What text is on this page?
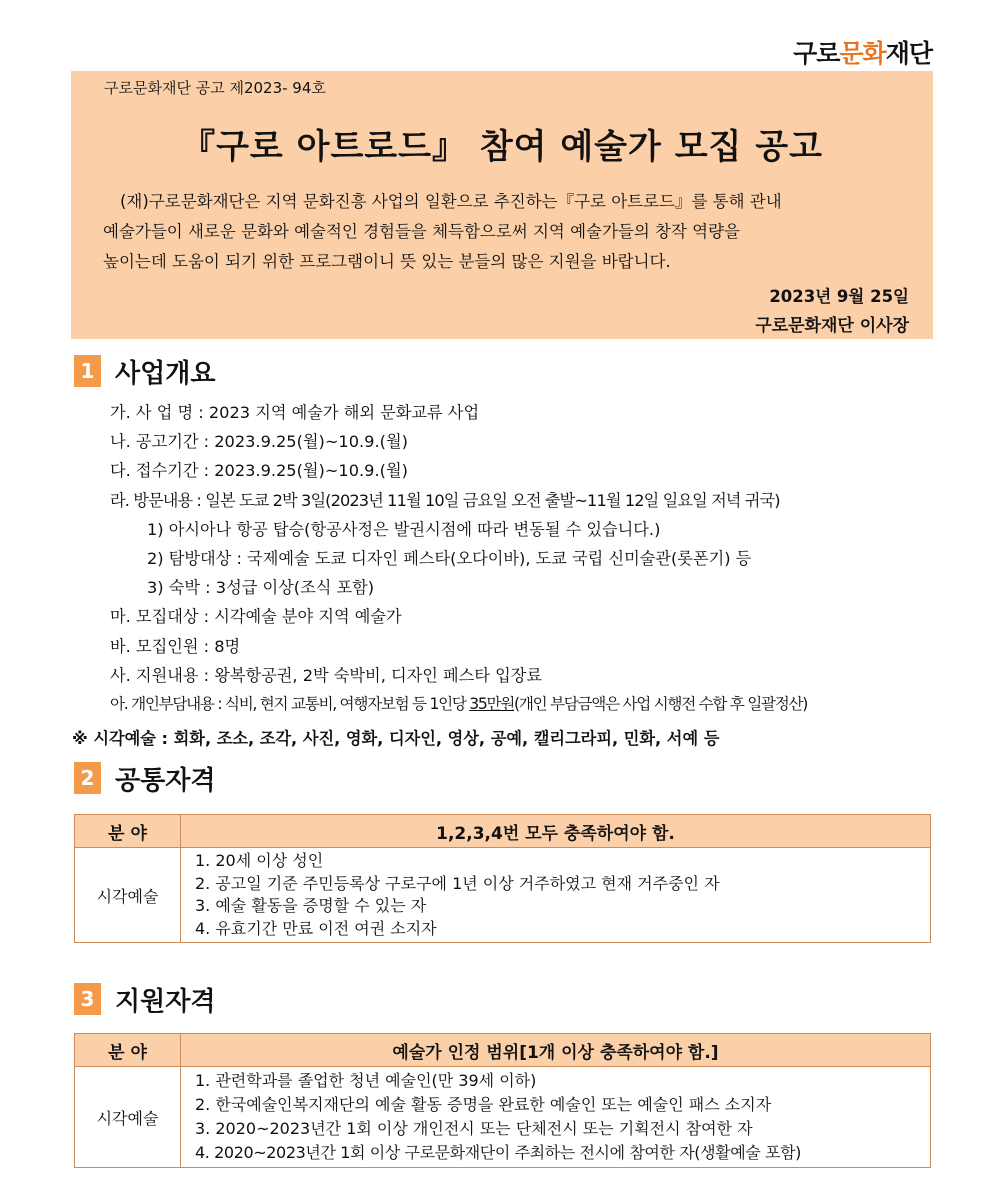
구로문화재단
구로문화재단 공고 제2023- 94호
『구로 아트로드』 참여 예술가 모집 공고
(재)구로문화재단은 지역 문화진흥 사업의 일환으로 추진하는『구로 아트로드』를 통해 관내
예술가들이 새로운 문화와 예술적인 경험들을 체득함으로써 지역 예술가들의 창작 역량을
높이는데 도움이 되기 위한 프로그램이니 뜻 있는 분들의 많은 지원을 바랍니다.
2023년 9월 25일
구로문화재단 이사장
1 사업개요
가. 사 업 명 : 2023 지역 예술가 해외 문화교류 사업
나. 공고기간 : 2023.9.25(월)~10.9.(월)
다. 접수기간 : 2023.9.25(월)~10.9.(월)
라. 방문내용 : 일본 도쿄 2박 3일(2023년 11월 10일 금요일 오전 출발~11월 12일 일요일 저녁 귀국)
1) 아시아나 항공 탑승(항공사정은 발권시점에 따라 변동될 수 있습니다.)
2) 탐방대상 : 국제예술 도쿄 디자인 페스타(오다이바), 도쿄 국립 신미술관(롯폰기) 등
3) 숙박 : 3성급 이상(조식 포함)
마. 모집대상 : 시각예술 분야 지역 예술가
바. 모집인원 : 8명
사. 지원내용 : 왕복항공권, 2박 숙박비, 디자인 페스타 입장료
아. 개인부담내용 : 식비, 현지 교통비, 여행자보험 등 1인당 35만원(개인 부담금액은 사업 시행전 수합 후 일괄정산)
※ 시각예술 : 회화, 조소, 조각, 사진, 영화, 디자인, 영상, 공예, 캘리그라피, 민화, 서예 등
2 공통자격
분 야	1,2,3,4번 모두 충족하여야 함.
시각예술	1. 20세 이상 성인
2. 공고일 기준 주민등록상 구로구에 1년 이상 거주하였고 현재 거주중인 자
3. 예술 활동을 증명할 수 있는 자
4. 유효기간 만료 이전 여권 소지자
3 지원자격
분 야	예술가 인정 범위[1개 이상 충족하여야 함.]
시각예술	1. 관련학과를 졸업한 청년 예술인(만 39세 이하)
2. 한국예술인복지재단의 예술 활동 증명을 완료한 예술인 또는 예술인 패스 소지자
3. 2020~2023년간 1회 이상 개인전시 또는 단체전시 또는 기획전시 참여한 자
4. 2020~2023년간 1회 이상 구로문화재단이 주최하는 전시에 참여한 자(생활예술 포함)
